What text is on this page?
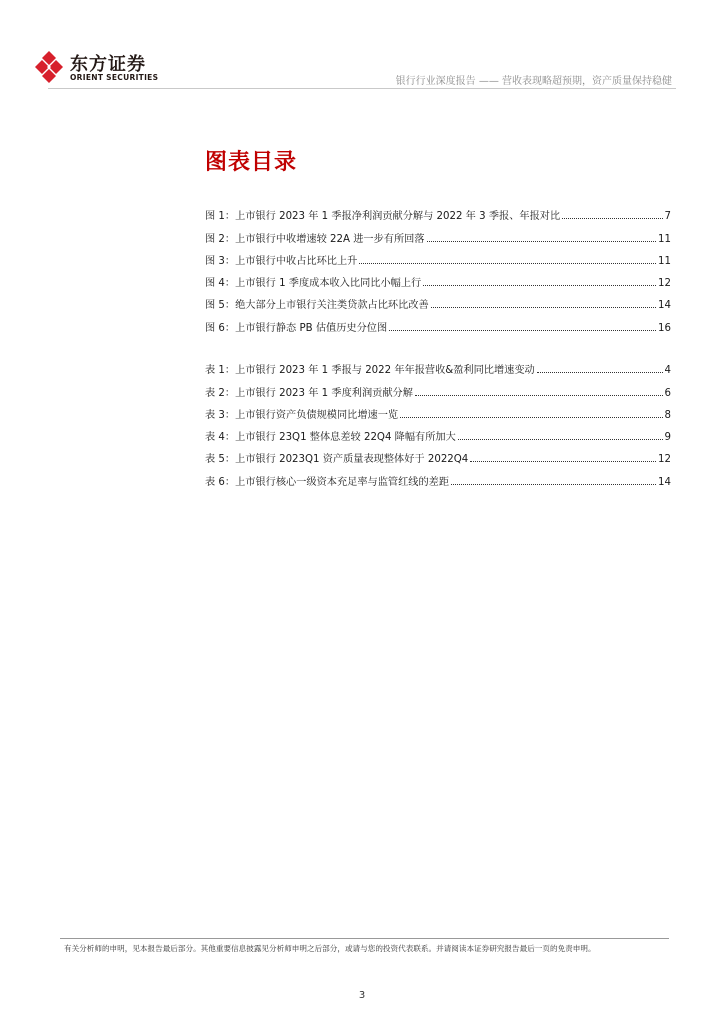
东方证券
ORIENT SECURITIES	银行行业深度报告 —— 营收表现略超预期，资产质量保持稳健
图表目录
图 1：上市银行 2023 年 1 季报净利润贡献分解与 2022 年 3 季报、年报对比	7
图 2：上市银行中收增速较 22A 进一步有所回落	11
图 3：上市银行中收占比环比上升	11
图 4：上市银行 1 季度成本收入比同比小幅上行	12
图 5：绝大部分上市银行关注类贷款占比环比改善	14
图 6：上市银行静态 PB 估值历史分位图	16
表 1：上市银行 2023 年 1 季报与 2022 年年报营收&盈利同比增速变动	4
表 2：上市银行 2023 年 1 季度利润贡献分解	6
表 3：上市银行资产负债规模同比增速一览	8
表 4：上市银行 23Q1 整体息差较 22Q4 降幅有所加大	9
表 5：上市银行 2023Q1 资产质量表现整体好于 2022Q4	12
表 6：上市银行核心一级资本充足率与监管红线的差距	14
有关分析师的申明，见本报告最后部分。其他重要信息披露见分析师申明之后部分，或请与您的投资代表联系。并请阅读本证券研究报告最后一页的免责申明。
3
